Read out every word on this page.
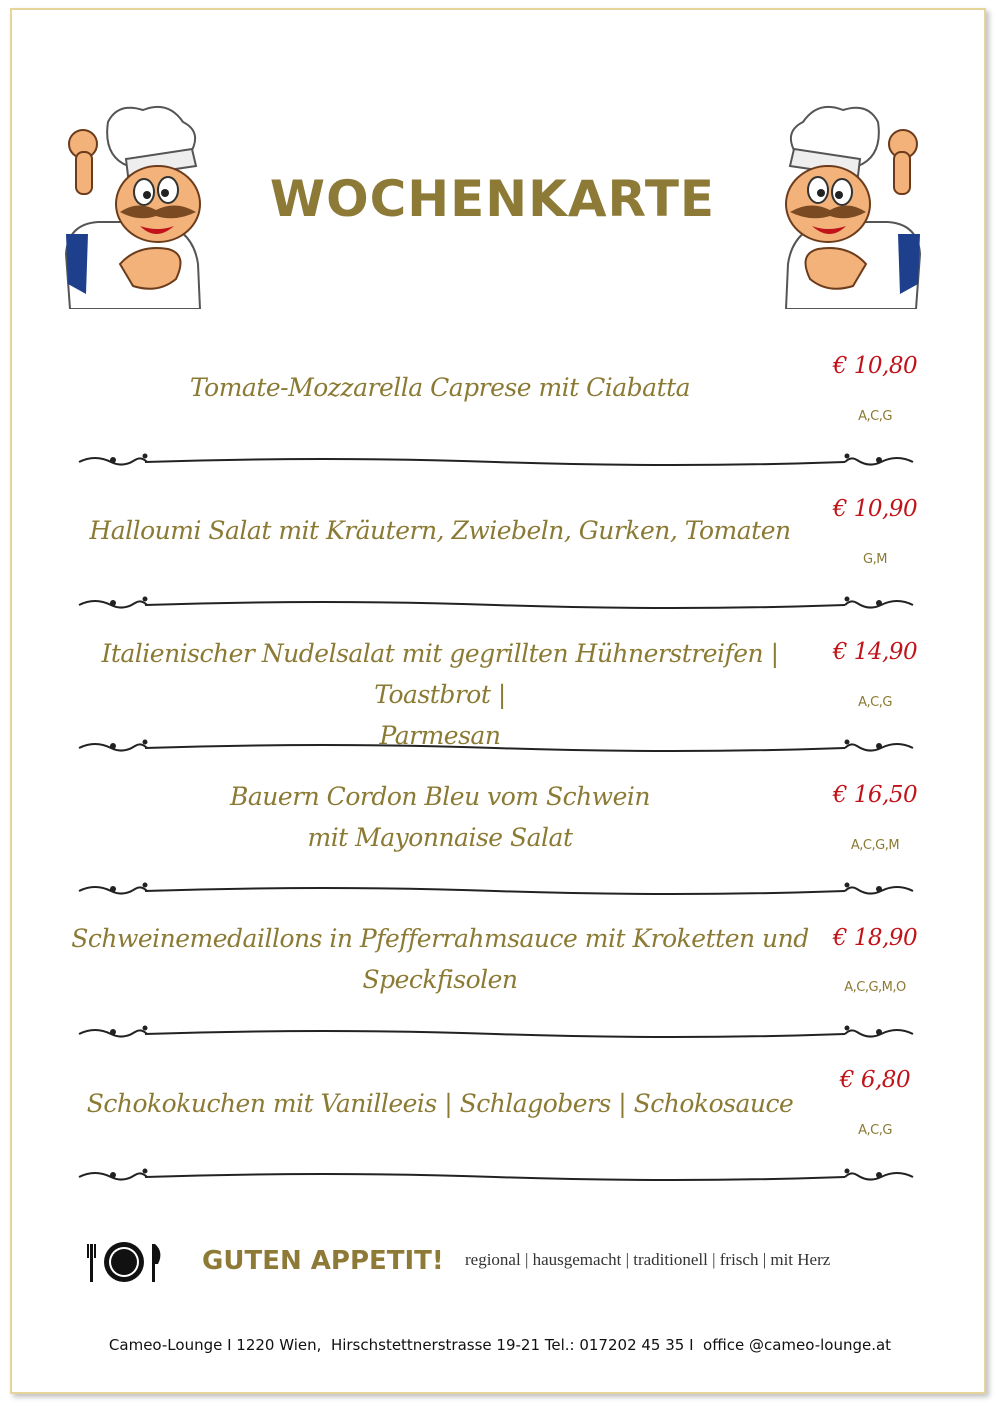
WOCHENKARTE
Tomate-Mozzarella Caprese mit Ciabatta
€ 10,80
A,C,G
Halloumi Salat mit Kräutern, Zwiebeln, Gurken, Tomaten
€ 10,90
G,M
Italienischer Nudelsalat mit gegrillten Hühnerstreifen | Toastbrot |
Parmesan
€ 14,90
A,C,G
Bauern Cordon Bleu vom Schwein
mit Mayonnaise Salat
€ 16,50
A,C,G,M
Schweinemedaillons in Pfefferrahmsauce mit Kroketten und
Speckfisolen
€ 18,90
A,C,G,M,O
Schokokuchen mit Vanilleeis | Schlagobers | Schokosauce
€ 6,80
A,C,G
GUTEN APPETIT! regional | hausgemacht | traditionell | frisch | mit Herz
Cameo-Lounge I 1220 Wien,  Hirschstettnerstrasse 19-21 Tel.: 017202 45 35 I  office @cameo-lounge.at
